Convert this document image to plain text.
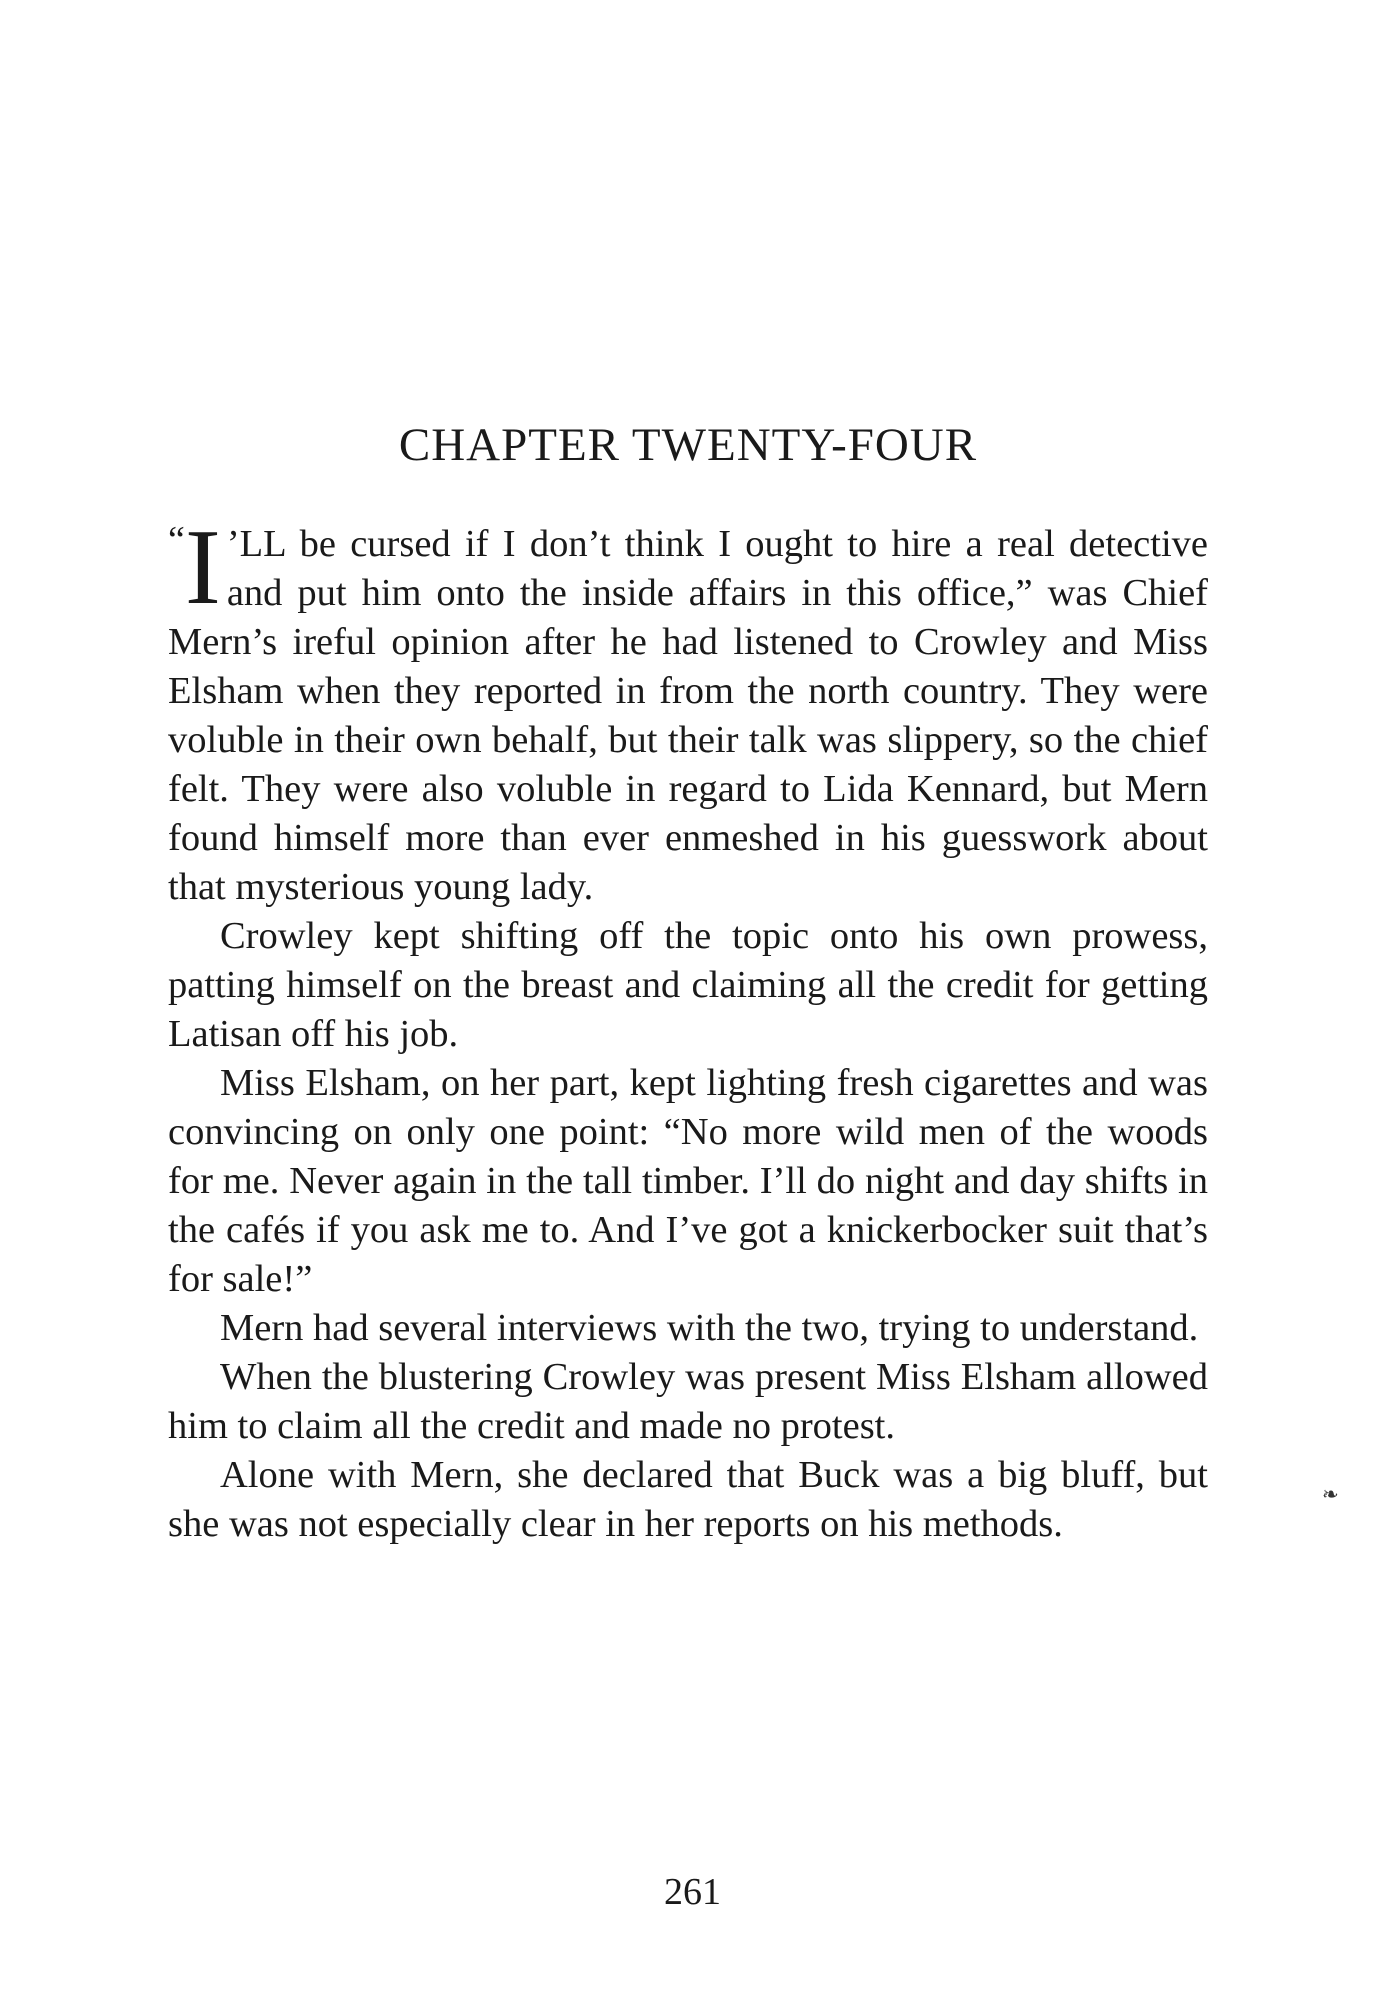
CHAPTER TWENTY-FOUR

“ I ’LL be cursed if I don’t think I ought to hire a real detective and put him onto the inside affairs in this office,” was Chief Mern’s ireful opinion after he had listened to Crowley and Miss Elsham when they reported in from the north country. They were voluble in their own behalf, but their talk was slippery, so the chief felt. They were also voluble in regard to Lida Kennard, but Mern found himself more than ever enmeshed in his guesswork about that mysterious young lady.

Crowley kept shifting off the topic onto his own prowess, patting himself on the breast and claiming all the credit for getting Latisan off his job.

Miss Elsham, on her part, kept lighting fresh cigarettes and was convincing on only one point: “No more wild men of the woods for me. Never again in the tall timber. I’ll do night and day shifts in the cafés if you ask me to. And I’ve got a knickerbocker suit that’s for sale!”

Mern had several interviews with the two, trying to understand.

When the blustering Crowley was present Miss Elsham allowed him to claim all the credit and made no protest.

Alone with Mern, she declared that Buck was a big bluff, but she was not especially clear in her reports on his methods.

❧
261
